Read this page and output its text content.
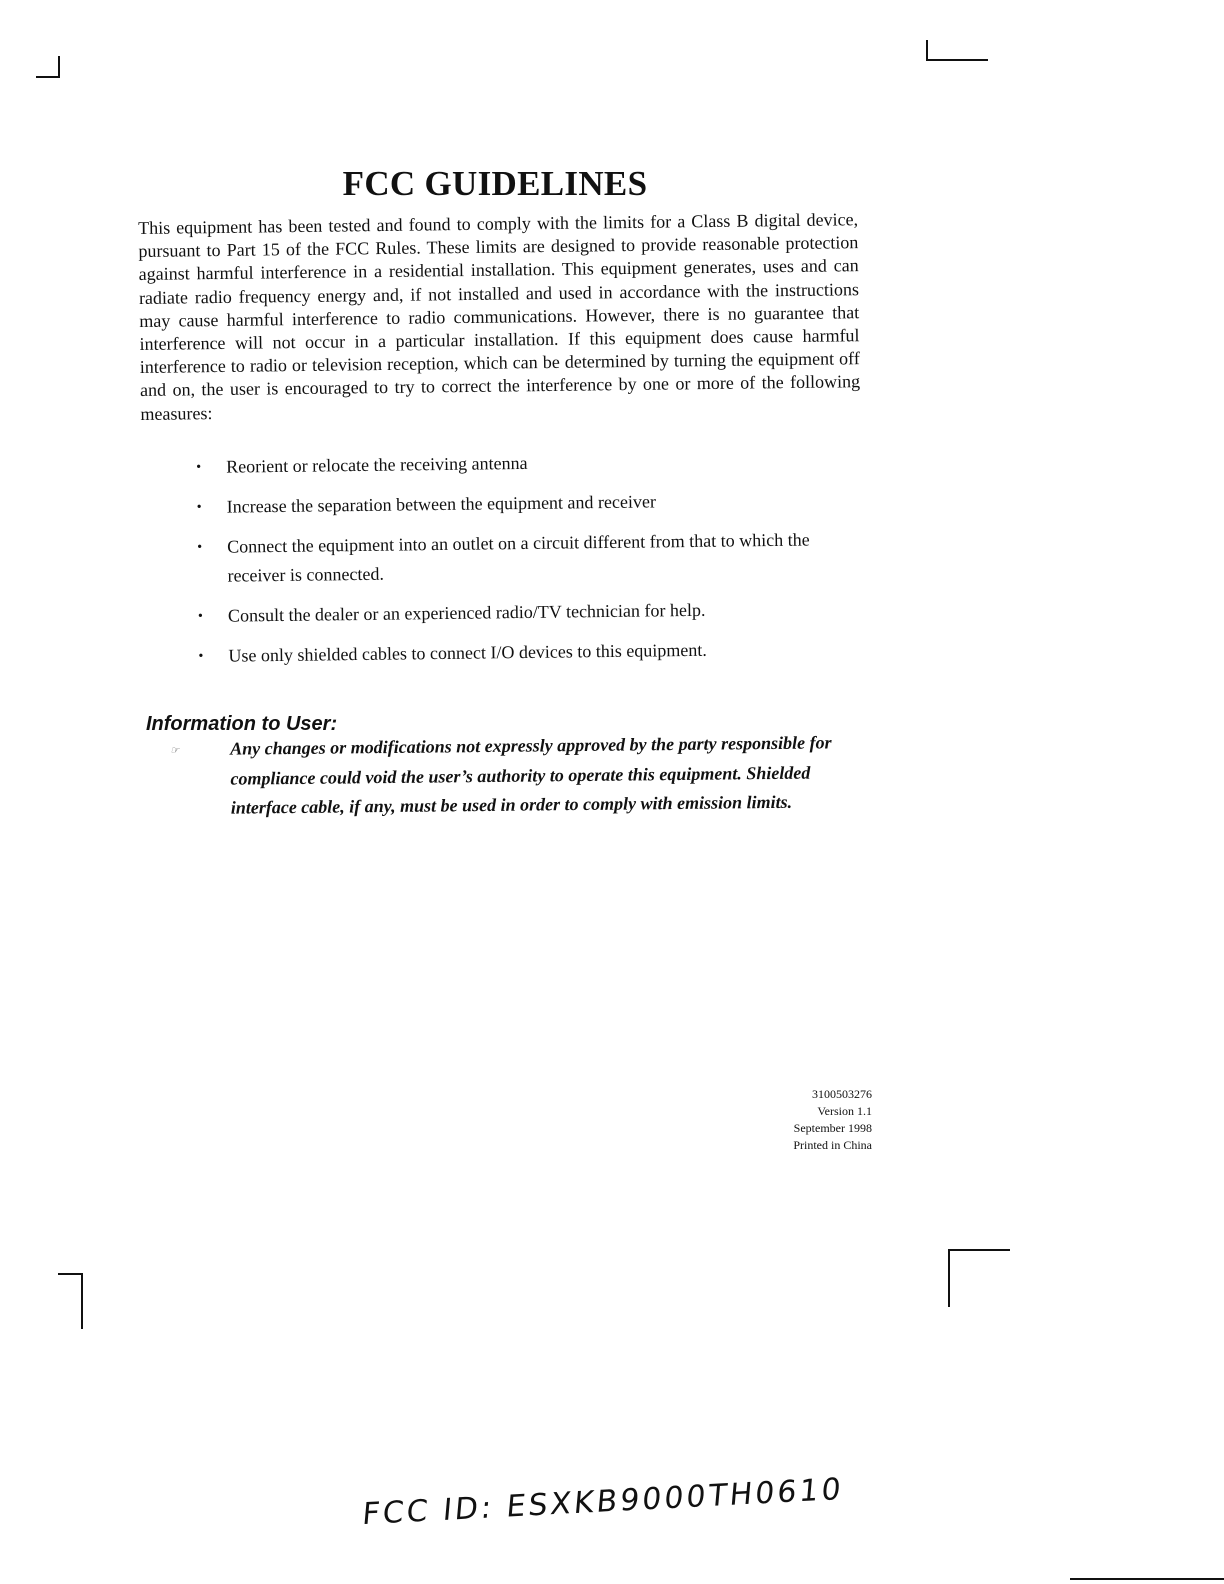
FCC GUIDELINES

This equipment has been tested and found to comply with the limits for a Class B digital device, pursuant to Part 15 of the FCC Rules. These limits are designed to provide reasonable protection against harmful interference in a residential installation. This equipment generates, uses and can radiate radio frequency energy and, if not installed and used in accordance with the instructions may cause harmful interference to radio communications. However, there is no guarantee that interference will not occur in a particular installation. If this equipment does cause harmful interference to radio or television reception, which can be determined by turning the equipment off and on, the user is encouraged to try to correct the interference by one or more of the following measures:

• Reorient or relocate the receiving antenna
• Increase the separation between the equipment and receiver
• Connect the equipment into an outlet on a circuit different from that to which the receiver is connected.
• Consult the dealer or an experienced radio/TV technician for help.
• Use only shielded cables to connect I/O devices to this equipment.
Information to User:

☞	Any changes or modifications not expressly approved by the party responsible for compliance could void the user’s authority to operate this equipment. Shielded interface cable, if any, must be used in order to comply with emission limits.

3100503276
Version 1.1
September 1998
Printed in China
FCC ID: ESXKB9000TH0610
